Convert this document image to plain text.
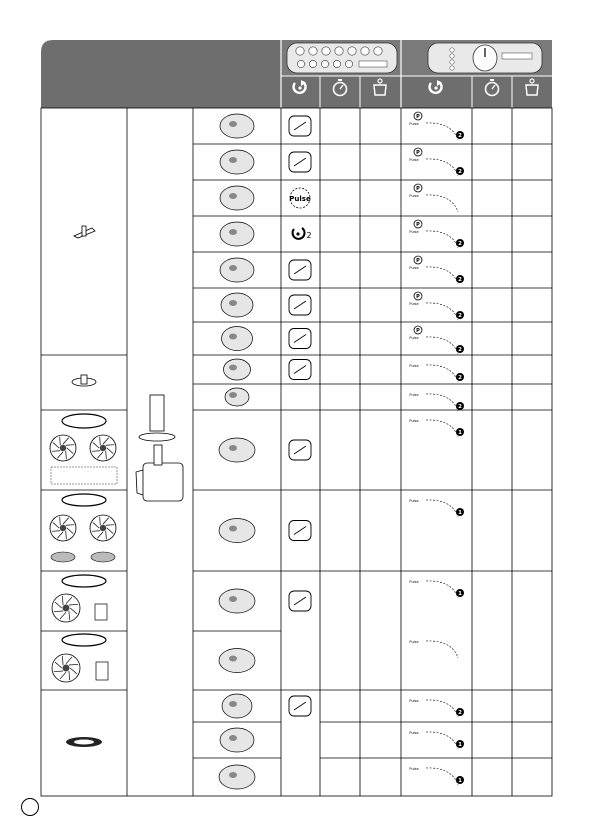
Pulse
P
2
Pulse
P
2
Pulse	Pulse
P
2	Pulse
P
2
Pulse
P
2
Pulse
P
2
Pulse
P
2
Pulse
2
Pulse
2
Pulse
1
Pulse
1
Pulse
1
Pulse
Pulse
2
Pulse
1
Pulse
1
